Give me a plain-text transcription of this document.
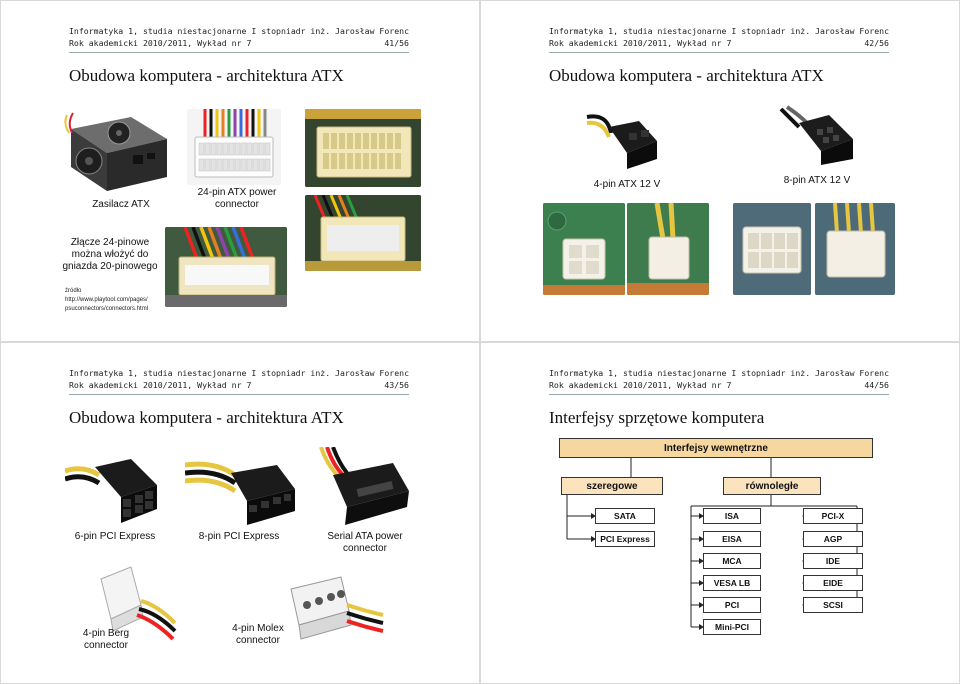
Informatyka 1, studia niestacjonarne I stopnia dr inż. Jarosław Forenc
Rok akademicki 2010/2011, Wykład nr 7	41/56
Obudowa komputera - architektura ATX
Zasilacz ATX
24-pin ATX power connector
Złącze 24-pinowe można włożyć do gniazda 20-pinowego
źródło
http://www.playtool.com/pages/ psuconnectors/connectors.html
Informatyka 1, studia niestacjonarne I stopnia dr inż. Jarosław Forenc
Rok akademicki 2010/2011, Wykład nr 7	42/56
Obudowa komputera - architektura ATX
4-pin ATX 12 V	8-pin ATX 12 V
Informatyka 1, studia niestacjonarne I stopnia dr inż. Jarosław Forenc
Rok akademicki 2010/2011, Wykład nr 7	43/56
Obudowa komputera - architektura ATX
6-pin PCI Express	8-pin PCI Express	Serial ATA power connector
4-pin Berg connector
4-pin Molex connector
Informatyka 1, studia niestacjonarne I stopnia dr inż. Jarosław Forenc
Rok akademicki 2010/2011, Wykład nr 7	44/56
Interfejsy sprzętowe komputera
Interfejsy wewnętrzne
szeregowe	równoległe
SATA
PCI Express
ISA
EISA
MCA
VESA LB
PCI
Mini-PCI
PCI-X
AGP
IDE
EIDE
SCSI
